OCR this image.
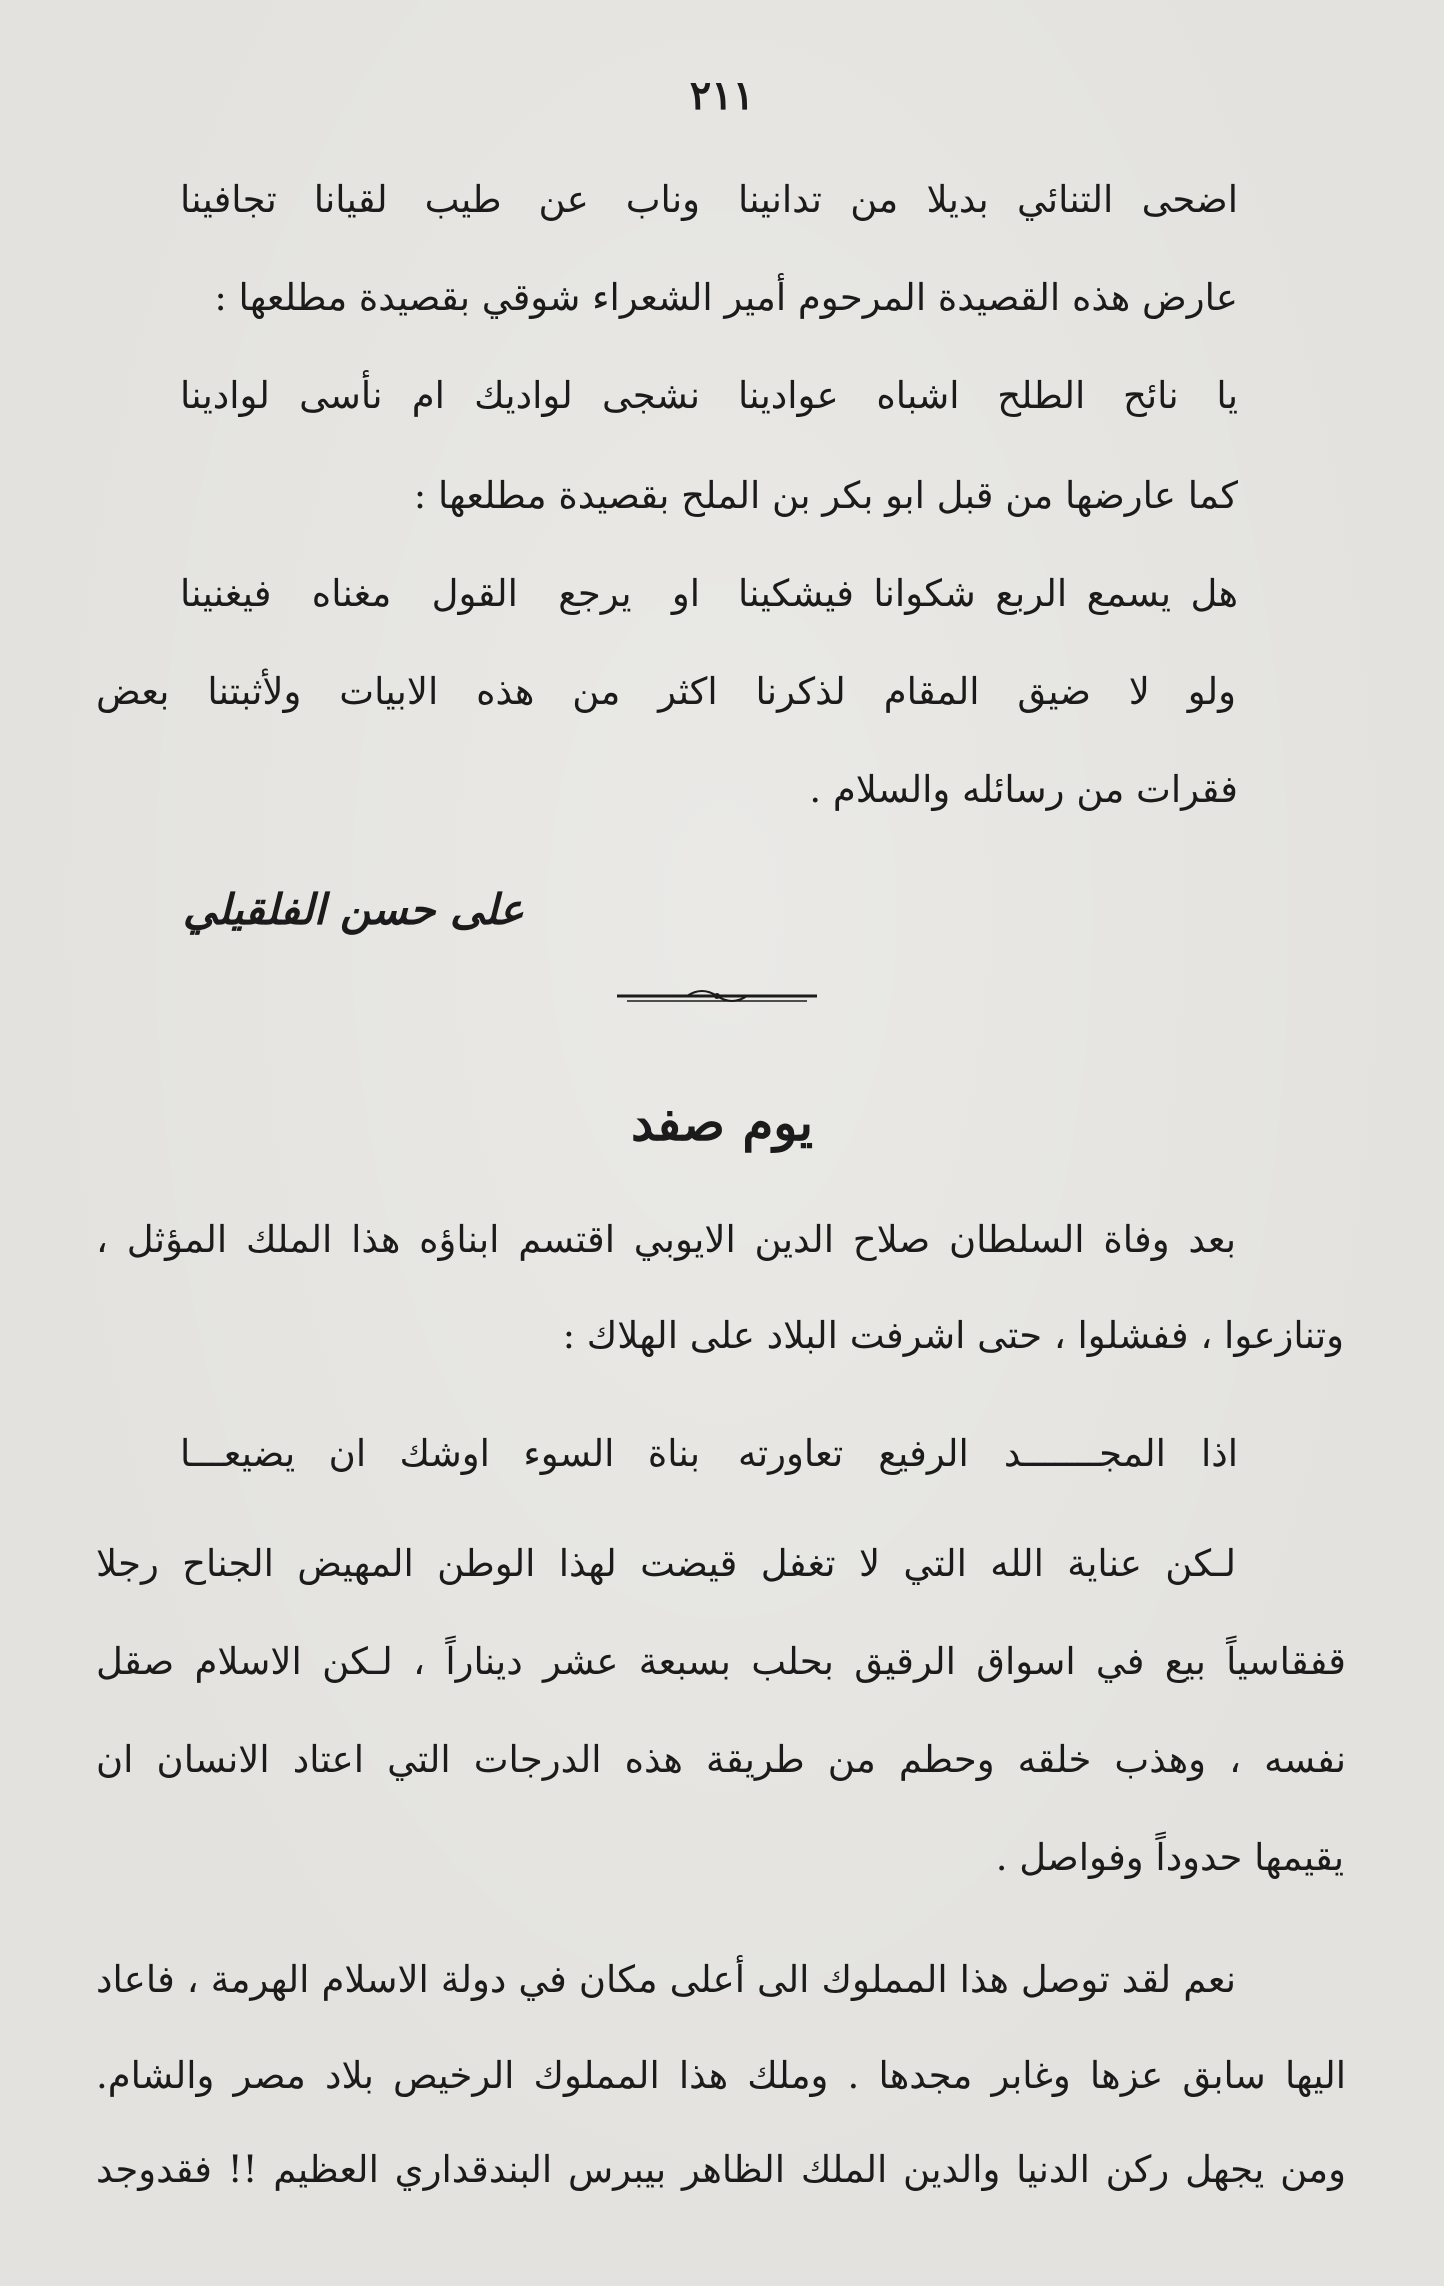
٢١١
اضحى التنائي بديلا من تدانينا
وناب عن طيب لقيانا تجافينا
عارض هذه القصيدة المرحوم أمير الشعراء شوقي بقصيدة مطلعها :
يا نائح الطلح اشباه عوادينا
نشجى لواديك ام نأسى لوادينا
كما عارضها من قبل ابو بكر بن الملح بقصيدة مطلعها :
هل يسمع الربع شكوانا فيشكينا
او يرجع القول مغناه فيغنينا
ولو لا ضيق المقام لذكرنا اكثر من هذه الابيات ولأثبتنا بعض
فقرات من رسائله والسلام .
على حسن الفلقيلي
يوم صفد
بعد وفاة السلطان صلاح الدين الايوبي اقتسم ابناؤه هذا الملك المؤثل ،
وتنازعوا ، ففشلوا ، حتى اشرفت البلاد على الهلاك :
اذا المجـــــــد الرفيع تعاورته
بناة السوء اوشك ان يضيعـــا
لـكن عناية الله التي لا تغفل قيضت لهذا الوطن المهيض الجناح رجلا
قفقاسياً بيع في اسواق الرقيق بحلب بسبعة عشر ديناراً ، لـكن الاسلام صقل
نفسه ، وهذب خلقه وحطم من طريقة هذه الدرجات التي اعتاد الانسان ان
يقيمها حدوداً وفواصل .
نعم لقد توصل هذا المملوك الى أعلى مكان في دولة الاسلام الهرمة ، فاعاد
اليها سابق عزها وغابر مجدها . وملك هذا المملوك الرخيص بلاد مصر والشام.
ومن يجهل ركن الدنيا والدين الملك الظاهر بيبرس البندقداري العظيم !! فقدوجد
